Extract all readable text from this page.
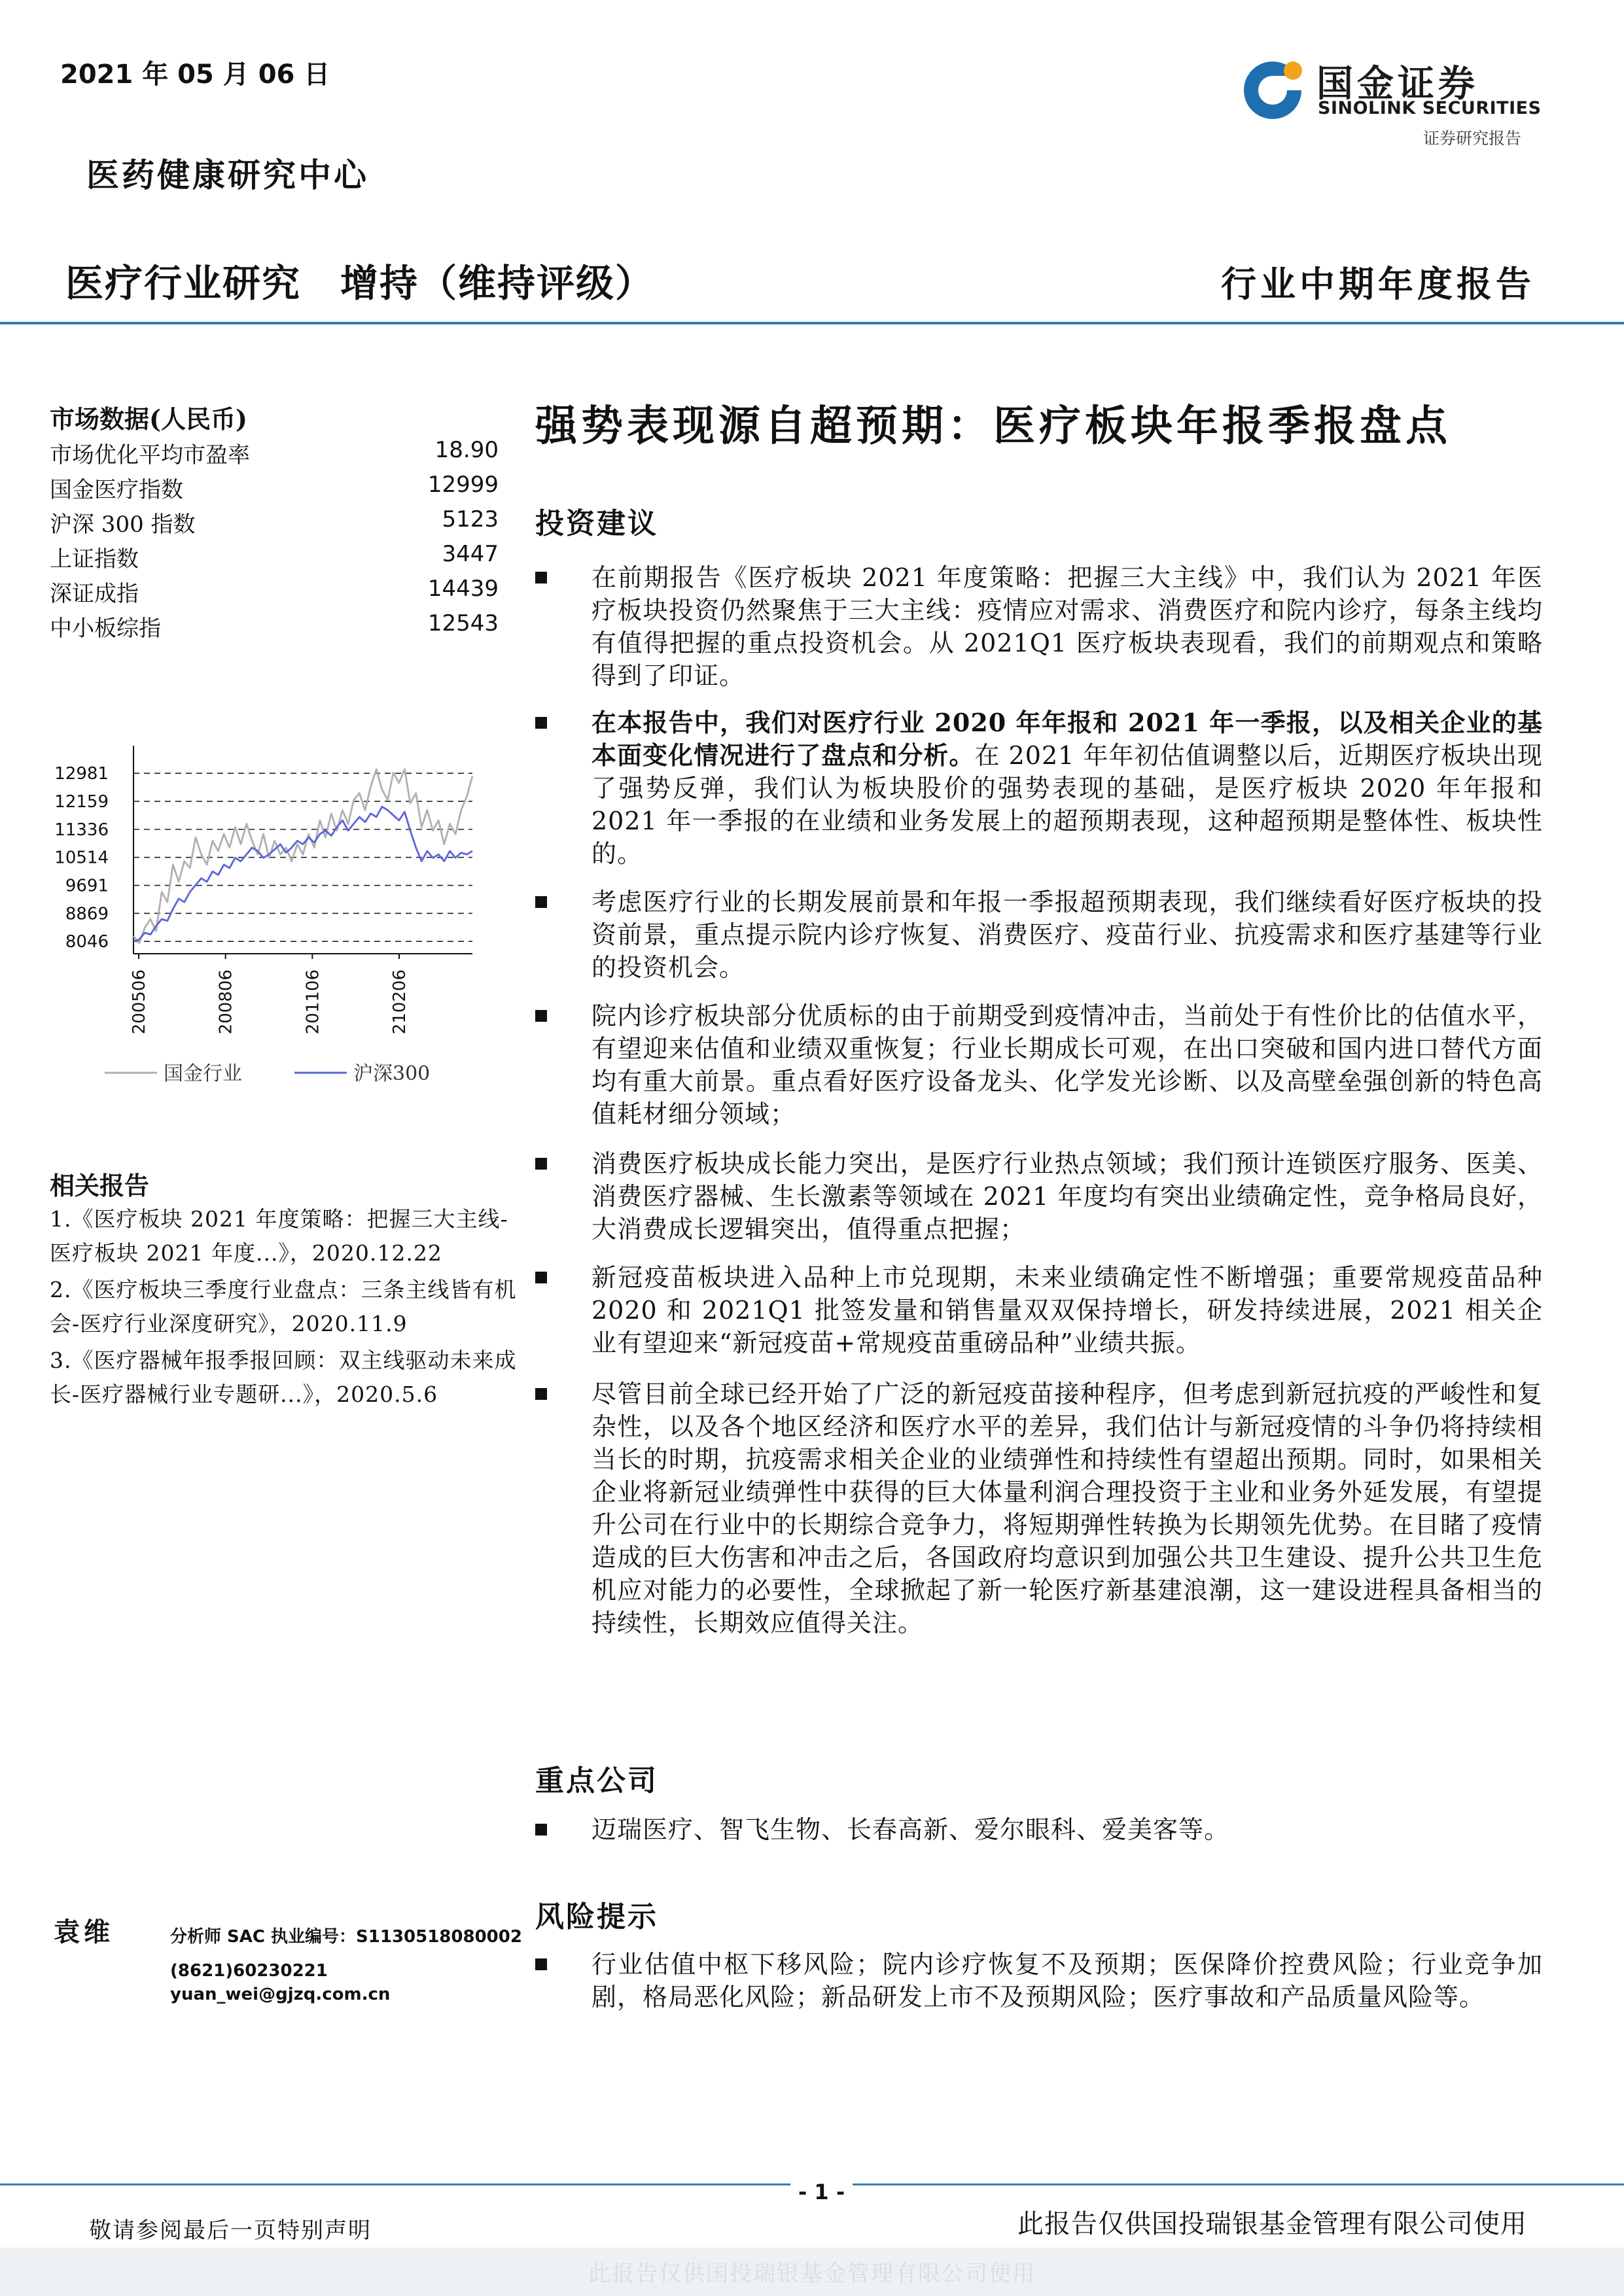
2021 年 05 月 06 日
医药健康研究中心
医疗行业研究　增持（维持评级）	行业中期年度报告
国金证券
SINOLINK SECURITIES
证券研究报告
市场数据(人民币)
市场优化平均市盈率	18.90
国金医疗指数	12999
沪深 300 指数	5123
上证指数	3447
深证成指	14439
中小板综指	12543
12981
12159
11336
10514
9691
8869
8046
200506	200806	201106	210206
国金行业	沪深300
相关报告
1.《医疗板块 2021 年度策略：把握三大主线-医疗板块 2021 年度...》，2020.12.22
2.《医疗板块三季度行业盘点：三条主线皆有机会-医疗行业深度研究》，2020.11.9
3.《医疗器械年报季报回顾：双主线驱动未来成长-医疗器械行业专题研...》，2020.5.6
袁维	分析师 SAC 执业编号：S1130518080002
(8621)60230221
yuan_wei@gjzq.com.cn
强势表现源自超预期：医疗板块年报季报盘点
投资建议
在前期报告《医疗板块 2021 年度策略：把握三大主线》中，我们认为 2021 年医疗板块投资仍然聚焦于三大主线：疫情应对需求、消费医疗和院内诊疗，每条主线均有值得把握的重点投资机会。从 2021Q1 医疗板块表现看，我们的前期观点和策略得到了印证。
在本报告中，我们对医疗行业 2020 年年报和 2021 年一季报，以及相关企业的基本面变化情况进行了盘点和分析。在 2021 年年初估值调整以后，近期医疗板块出现了强势反弹，我们认为板块股价的强势表现的基础，是医疗板块 2020 年年报和 2021 年一季报的在业绩和业务发展上的超预期表现，这种超预期是整体性、板块性的。
考虑医疗行业的长期发展前景和年报一季报超预期表现，我们继续看好医疗板块的投资前景，重点提示院内诊疗恢复、消费医疗、疫苗行业、抗疫需求和医疗基建等行业的投资机会。
院内诊疗板块部分优质标的由于前期受到疫情冲击，当前处于有性价比的估值水平，有望迎来估值和业绩双重恢复；行业长期成长可观，在出口突破和国内进口替代方面均有重大前景。重点看好医疗设备龙头、化学发光诊断、以及高壁垒强创新的特色高值耗材细分领域；
消费医疗板块成长能力突出，是医疗行业热点领域；我们预计连锁医疗服务、医美、消费医疗器械、生长激素等领域在 2021 年度均有突出业绩确定性，竞争格局良好，大消费成长逻辑突出，值得重点把握；
新冠疫苗板块进入品种上市兑现期，未来业绩确定性不断增强；重要常规疫苗品种 2020 和 2021Q1 批签发量和销售量双双保持增长，研发持续进展，2021 相关企业有望迎来“新冠疫苗+常规疫苗重磅品种”业绩共振。
尽管目前全球已经开始了广泛的新冠疫苗接种程序，但考虑到新冠抗疫的严峻性和复杂性，以及各个地区经济和医疗水平的差异，我们估计与新冠疫情的斗争仍将持续相当长的时期，抗疫需求相关企业的业绩弹性和持续性有望超出预期。同时，如果相关企业将新冠业绩弹性中获得的巨大体量利润合理投资于主业和业务外延发展，有望提升公司在行业中的长期综合竞争力，将短期弹性转换为长期领先优势。在目睹了疫情造成的巨大伤害和冲击之后，各国政府均意识到加强公共卫生建设、提升公共卫生危机应对能力的必要性，全球掀起了新一轮医疗新基建浪潮，这一建设进程具备相当的持续性，长期效应值得关注。
重点公司
迈瑞医疗、智飞生物、长春高新、爱尔眼科、爱美客等。
风险提示
行业估值中枢下移风险；院内诊疗恢复不及预期；医保降价控费风险；行业竞争加剧，格局恶化风险；新品研发上市不及预期风险；医疗事故和产品质量风险等。
- 1 -
敬请参阅最后一页特别声明	此报告仅供国投瑞银基金管理有限公司使用
此报告仅供国投瑞银基金管理有限公司使用
